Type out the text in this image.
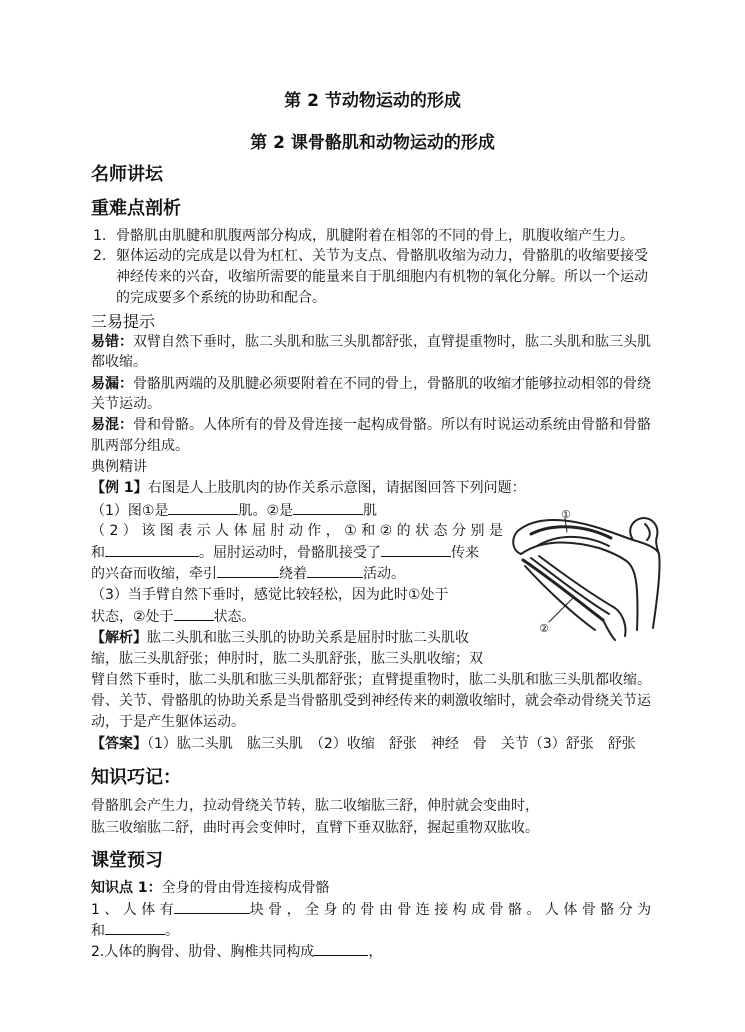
第 2 节动物运动的形成
第 2 课骨骼肌和动物运动的形成
名师讲坛
重难点剖析
1. 骨骼肌由肌腱和肌腹两部分构成，肌腱附着在相邻的不同的骨上，肌腹收缩产生力。
2. 躯体运动的完成是以骨为杠杠、关节为支点、骨骼肌收缩为动力，骨骼肌的收缩要接受
神经传来的兴奋，收缩所需要的能量来自于肌细胞内有机物的氧化分解。所以一个运动
的完成要多个系统的协助和配合。
三易提示
易错：双臂自然下垂时，肱二头肌和肱三头肌都舒张，直臂提重物时，肱二头肌和肱三头肌
都收缩。
易漏：骨骼肌两端的及肌腱必须要附着在不同的骨上，骨骼肌的收缩才能够拉动相邻的骨绕
关节运动。
易混：骨和骨骼。人体所有的骨及骨连接一起构成骨骼。所以有时说运动系统由骨骼和骨骼
肌两部分组成。
典例精讲
【例 1】右图是人上肢肌肉的协作关系示意图，请据图回答下列问题：
（1）图①是	肌。②是	肌
（ 2 ） 该 图 表 示 人 体 屈 肘 动 作 ， ① 和 ② 的 状 态 分 别 是
和	。屈肘运动时，骨骼肌接受了	传来
的兴奋而收缩，牵引	绕着	活动。
（3）当手臂自然下垂时，感觉比较轻松，因为此时①处于
状态，②处于	状态。
①
②
【解析】肱二头肌和肱三头肌的协助关系是屈肘时肱二头肌收
缩，肱三头肌舒张；伸肘时，肱二头肌舒张，肱三头肌收缩；双
臂自然下垂时，肱二头肌和肱三头肌都舒张；直臂提重物时，肱二头肌和肱三头肌都收缩。
骨、关节、骨骼肌的协助关系是当骨骼肌受到神经传来的刺激收缩时，就会牵动骨绕关节运
动，于是产生躯体运动。
【答案】（1）肱二头肌　肱三头肌　（2）收缩　舒张　神经　骨　关节（3）舒张　舒张
知识巧记：
骨骼肌会产生力，拉动骨绕关节转，肱二收缩肱三舒，伸肘就会变曲时，
肱三收缩肱二舒，曲时再会变伸时，直臂下垂双肱舒，握起重物双肱收。
课堂预习
知识点 1：全身的骨由骨连接构成骨骼
1 、 人 体 有	块 骨 ， 全 身 的 骨 由 骨 连 接 构 成 骨 骼 。 人 体 骨 骼 分 为
和	。
2.人体的胸骨、肋骨、胸椎共同构成	，
